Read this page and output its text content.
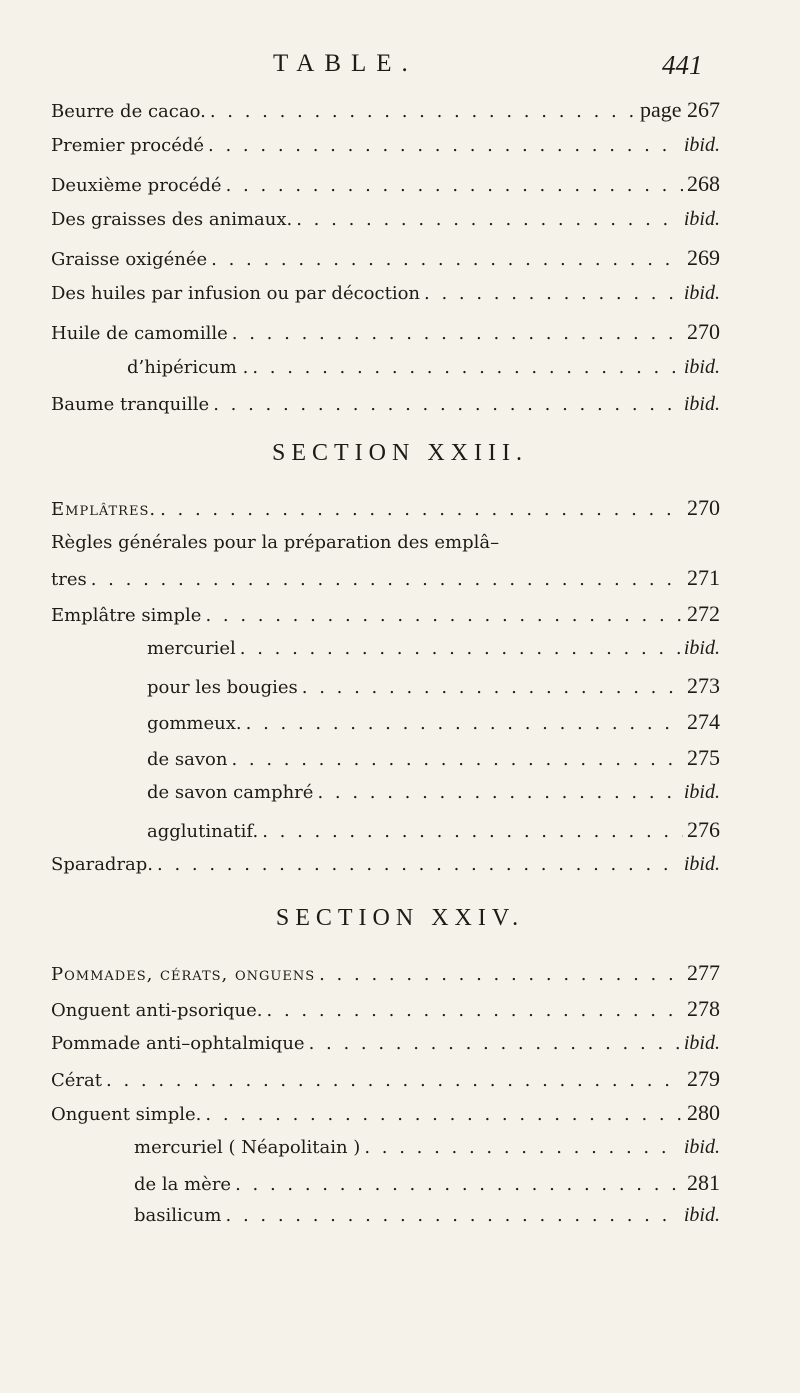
TABLE.	441
Beurre de cacao. . . .	page 267
Premier procédé . . .	ibid.
Deuxième procédé . . .	268
Des graisses des animaux. . . .	ibid.
Graisse oxigénée . . .	269
Des huiles par infusion ou par décoction . . .	ibid.
Huile de camomille . . .	270
d’hipéricum . . . .	ibid.
Baume tranquille . . .	ibid.
SECTION XXIII.
Emplâtres. . . .	270
Règles générales pour la préparation des emplâ–
tres . . .	271
Emplâtre simple . . .	272
mercuriel . . .	ibid.
pour les bougies . . .	273
gommeux. . . .	274
de savon . . .	275
de savon camphré . . .	ibid.
agglutinatif. . . .	276
Sparadrap. . . .	ibid.
SECTION XXIV.
Pommades, cérats, onguens . . .	277
Onguent anti-psorique. . . .	278
Pommade anti–ophtalmique . . .	ibid.
Cérat . . .	279
Onguent simple. . . .	280
mercuriel ( Néapolitain ) . . .	ibid.
de la mère . . .	281
basilicum . . .	ibid.
